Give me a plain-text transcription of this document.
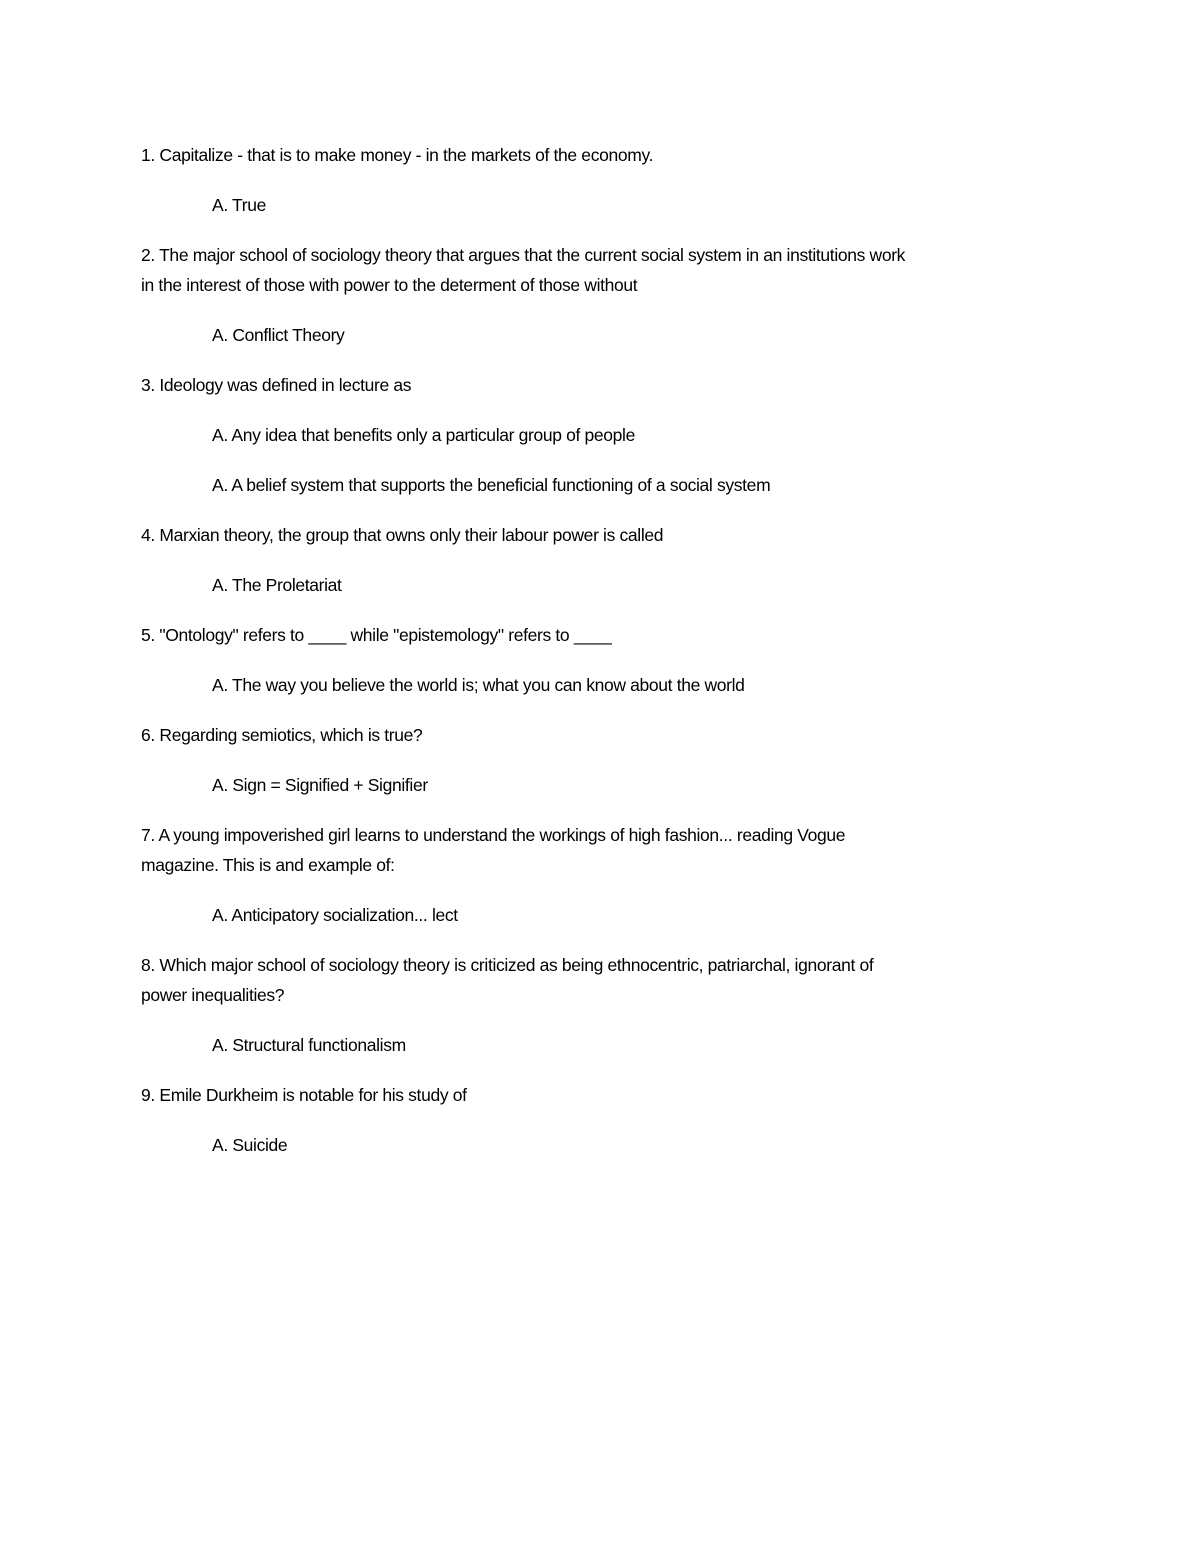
1. Capitalize - that is to make money - in the markets of the economy.

A. True

2. The major school of sociology theory that argues that the current social system in an institutions work
in the interest of those with power to the determent of those without

A. Conflict Theory

3. Ideology was defined in lecture as

A. Any idea that benefits only a particular group of people

A. A belief system that supports the beneficial functioning of a social system

4. Marxian theory, the group that owns only their labour power is called

A. The Proletariat

5. "Ontology" refers to ____ while "epistemology" refers to ____

A. The way you believe the world is; what you can know about the world

6. Regarding semiotics, which is true?

A. Sign = Signified + Signifier

7. A young impoverished girl learns to understand the workings of high fashion... reading Vogue
magazine. This is and example of:

A. Anticipatory socialization... lect

8. Which major school of sociology theory is criticized as being ethnocentric, patriarchal, ignorant of
power inequalities?

A. Structural functionalism

9. Emile Durkheim is notable for his study of

A. Suicide
